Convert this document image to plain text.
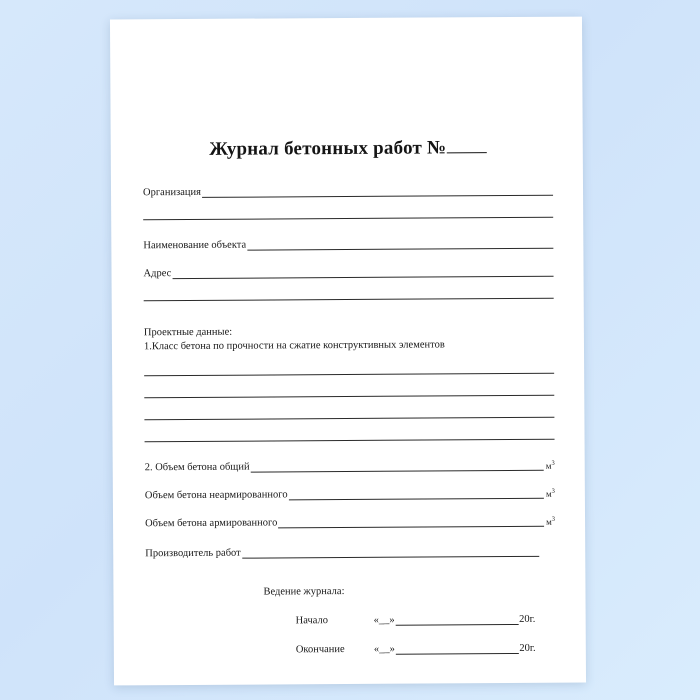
Журнал бетонных работ №
Организация
Наименование объекта
Адрес
Проектные данные:
1.Класс бетона по прочности на сжатие конструктивных элементов
2. Объем бетона общий	$м^3$
Объем бетона неармированного	$м^3$
Объем бетона армированного	$м^3$
Производитель работ
Ведение журнала:
Начало	«__»	20 г.
Окончание	«__»	20 г.
